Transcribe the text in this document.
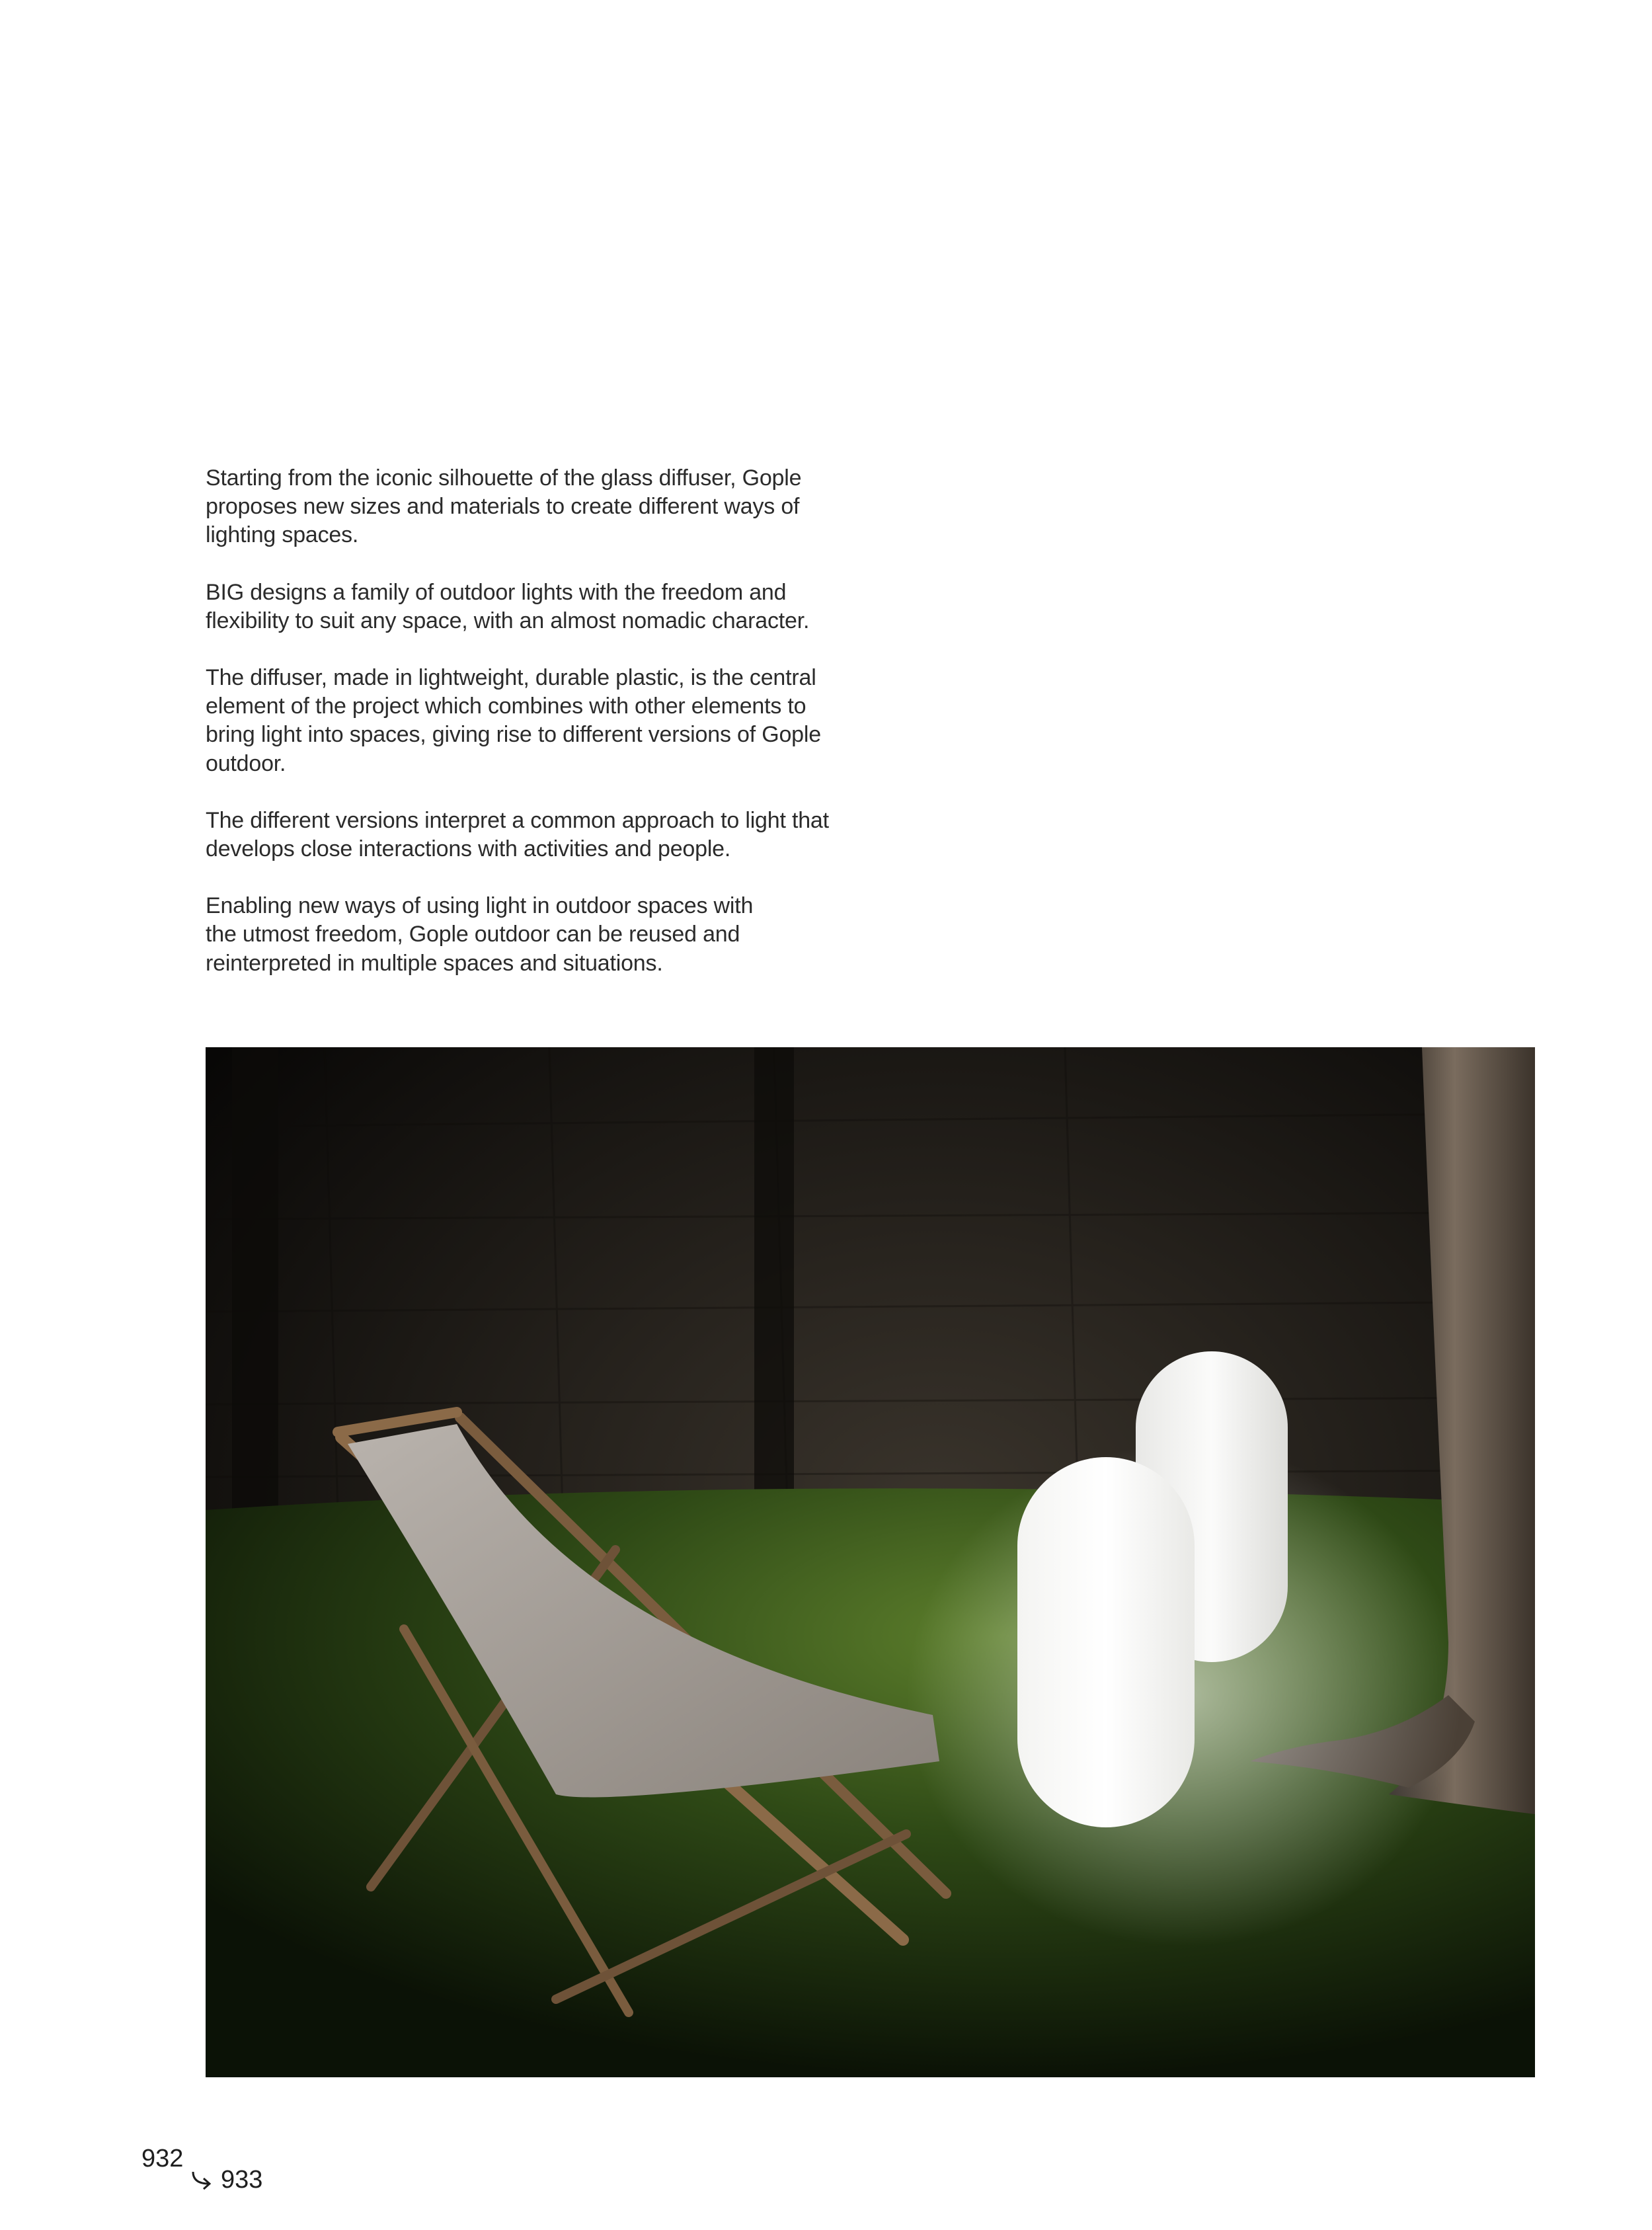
Starting from the iconic silhouette of the glass diffuser, Gople
proposes new sizes and materials to create different ways of
lighting spaces.

BIG designs a family of outdoor lights with the freedom and
flexibility to suit any space, with an almost nomadic character.

The diffuser, made in lightweight, durable plastic, is the central
element of the project which combines with other elements to
bring light into spaces, giving rise to different versions of Gople
outdoor.

The different versions interpret a common approach to light that
develops close interactions with activities and people.

Enabling new ways of using light in outdoor spaces with
the utmost freedom, Gople outdoor can be reused and
reinterpreted in multiple spaces and situations.

932
933
